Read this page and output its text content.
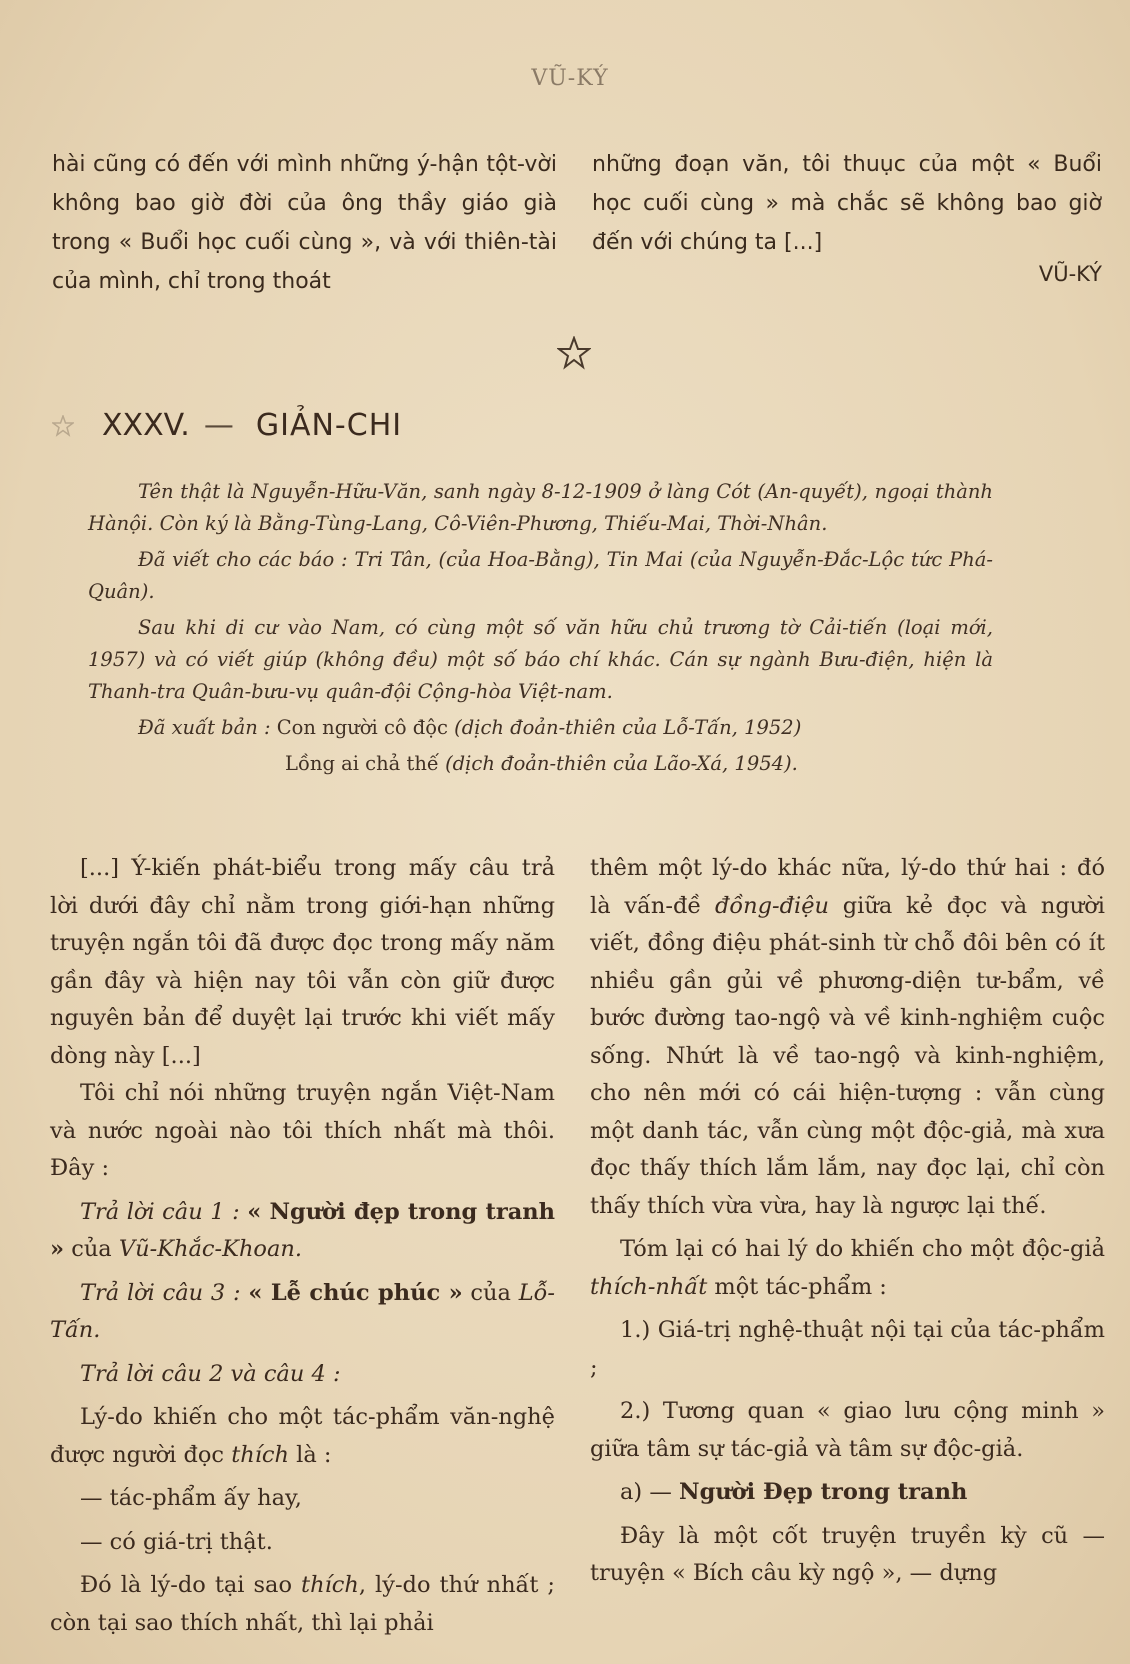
VŨ-KÝ

hài cũng có đến với mình những ý-hận tột-vời không bao giờ đời của ông thầy giáo già trong « Buổi học cuối cùng », và với thiên-tài của mình, chỉ trong thoát

những đoạn văn, tôi thuục của một « Buổi học cuối cùng » mà chắc sẽ không bao giờ đến với chúng ta [...]

VŨ-KÝ
XXXV. — GIẢN-CHI

Tên thật là Nguyễn-Hữu-Văn, sanh ngày 8-12-1909 ở làng Cót (An-quyết), ngoại thành Hànội. Còn ký là Bằng-Tùng-Lang, Cô-Viên-Phương, Thiếu-Mai, Thời-Nhân.

Đã viết cho các báo : Tri Tân, (của Hoa-Bằng), Tin Mai (của Nguyễn-Đắc-Lộc tức Phá-Quân).

Sau khi di cư vào Nam, có cùng một số văn hữu chủ trương tờ Cải-tiến (loại mới, 1957) và có viết giúp (không đều) một số báo chí khác. Cán sự ngành Bưu-điện, hiện là Thanh-tra Quân-bưu-vụ quân-đội Cộng-hòa Việt-nam.

Đã xuất bản : Con người cô độc (dịch đoản-thiên của Lỗ-Tấn, 1952)

Lồng ai chả thế (dịch đoản-thiên của Lão-Xá, 1954).

[...] Ý-kiến phát-biểu trong mấy câu trả lời dưới đây chỉ nằm trong giới-hạn những truyện ngắn tôi đã được đọc trong mấy năm gần đây và hiện nay tôi vẫn còn giữ được nguyên bản để duyệt lại trước khi viết mấy dòng này [...]

Tôi chỉ nói những truyện ngắn Việt-Nam và nước ngoài nào tôi thích nhất mà thôi. Đây :

Trả lời câu 1 : « Người đẹp trong tranh » của Vũ-Khắc-Khoan.

Trả lời câu 3 : « Lễ chúc phúc » của Lỗ-Tấn.

Trả lời câu 2 và câu 4 :

Lý-do khiến cho một tác-phẩm văn-nghệ được người đọc thích là :

— tác-phẩm ấy hay,

— có giá-trị thật.

Đó là lý-do tại sao thích, lý-do thứ nhất ; còn tại sao thích nhất, thì lại phải

thêm một lý-do khác nữa, lý-do thứ hai : đó là vấn-đề đồng-điệu giữa kẻ đọc và người viết, đồng điệu phát-sinh từ chỗ đôi bên có ít nhiều gần gủi về phương-diện tư-bẩm, về bước đường tao-ngộ và về kinh-nghiệm cuộc sống. Nhứt là về tao-ngộ và kinh-nghiệm, cho nên mới có cái hiện-tượng : vẫn cùng một danh tác, vẫn cùng một độc-giả, mà xưa đọc thấy thích lắm lắm, nay đọc lại, chỉ còn thấy thích vừa vừa, hay là ngược lại thế.

Tóm lại có hai lý do khiến cho một độc-giả thích-nhất một tác-phẩm :

1.) Giá-trị nghệ-thuật nội tại của tác-phẩm ;

2.) Tương quan « giao lưu cộng minh » giữa tâm sự tác-giả và tâm sự độc-giả.

a) — Người Đẹp trong tranh

Đây là một cốt truyện truyền kỳ cũ — truyện « Bích câu kỳ ngộ », — dựng
